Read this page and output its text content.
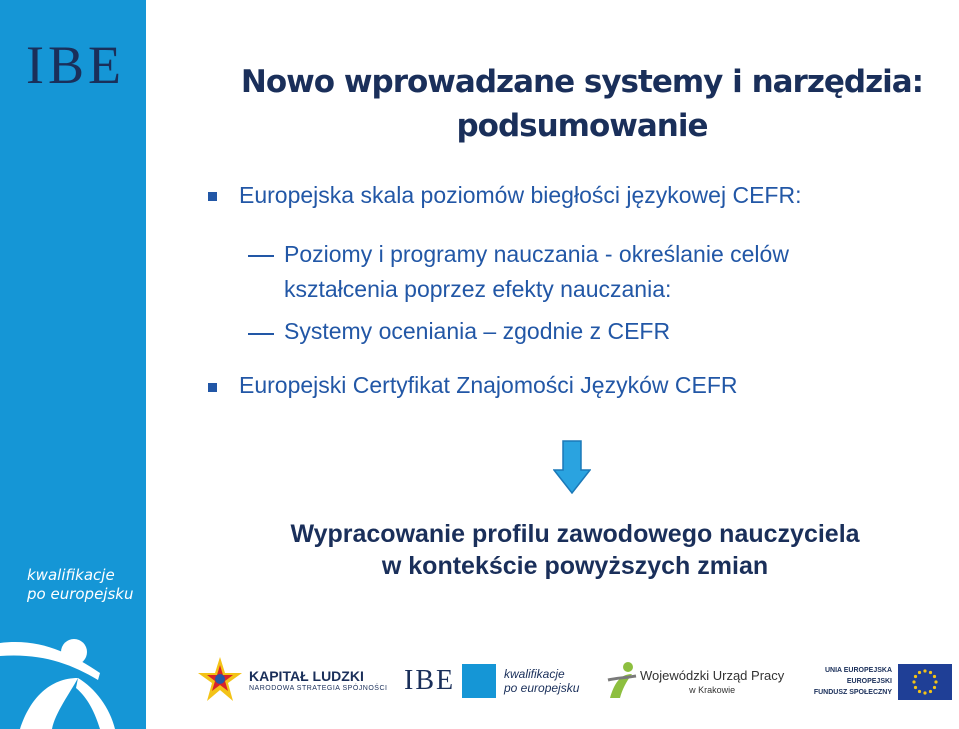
IBE
kwalifikacje
po europejsku
Nowo wprowadzane systemy i narzędzia:
podsumowanie
Europejska skala poziomów biegłości językowej CEFR:
Poziomy i programy nauczania - określanie celów
kształcenia poprzez efekty nauczania:
Systemy oceniania – zgodnie z CEFR
Europejski Certyfikat Znajomości Języków CEFR
Wypracowanie profilu zawodowego nauczyciela
w kontekście powyższych zmian
KAPITAŁ LUDZKI
NARODOWA STRATEGIA SPÓJNOŚCI IBE	kwalifikacje
po europejsku
Wojewódzki Urząd Pracy
w Krakowie
UNIA EUROPEJSKA
EUROPEJSKI
FUNDUSZ SPOŁECZNY
